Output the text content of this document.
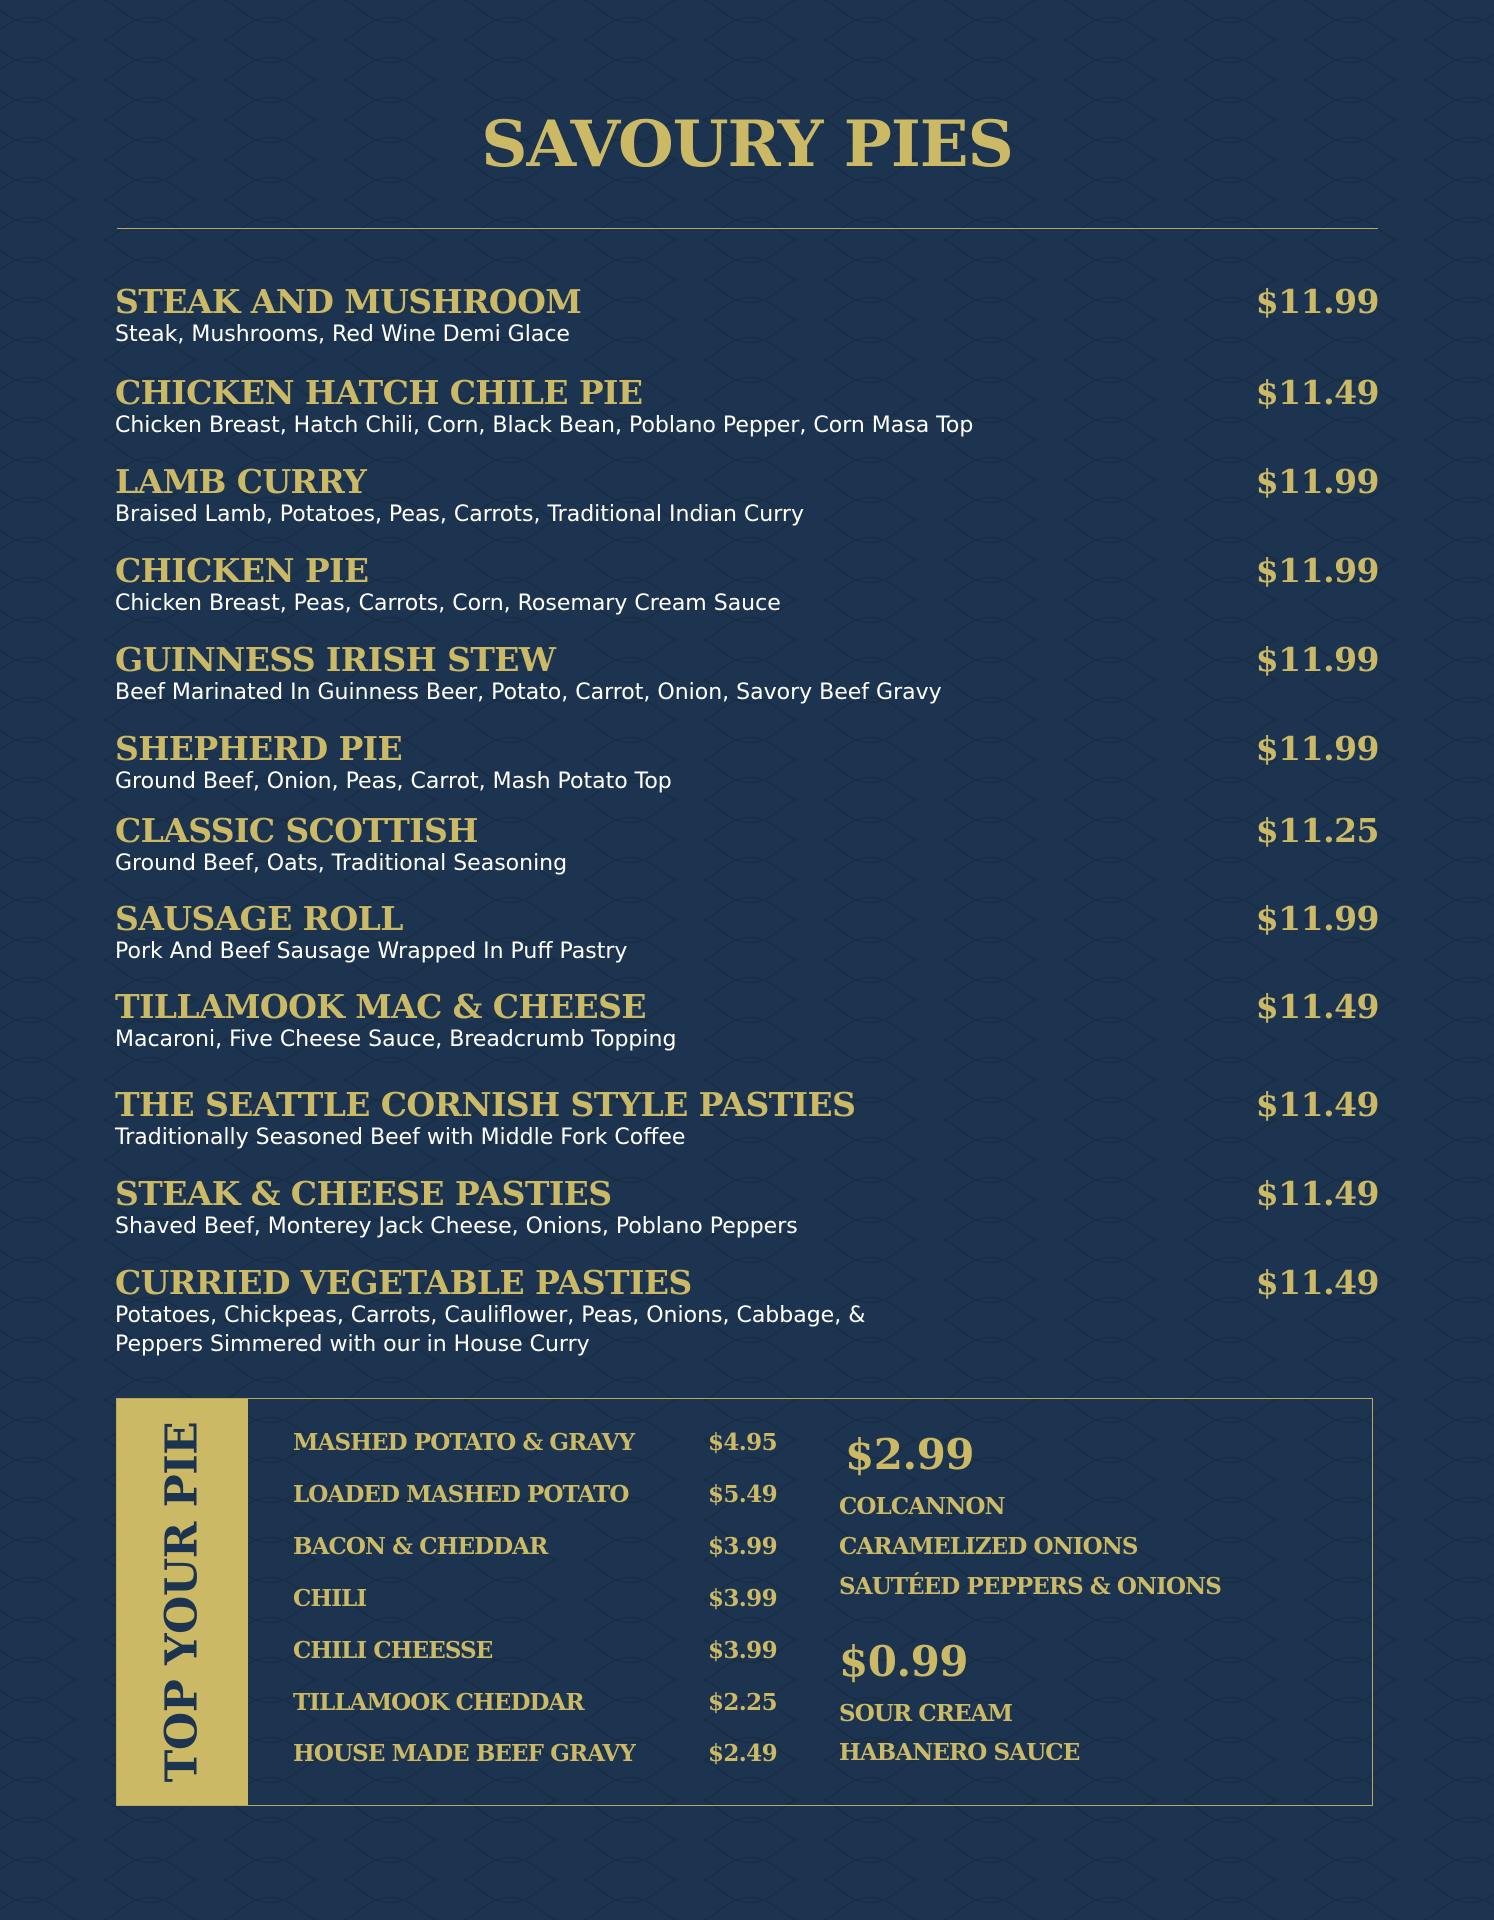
SAVOURY PIES
STEAK AND MUSHROOM	$11.99
Steak, Mushrooms, Red Wine Demi Glace
CHICKEN HATCH CHILE PIE	$11.49
Chicken Breast, Hatch Chili, Corn, Black Bean, Poblano Pepper, Corn Masa Top
LAMB CURRY	$11.99
Braised Lamb, Potatoes, Peas, Carrots, Traditional Indian Curry
CHICKEN PIE	$11.99
Chicken Breast, Peas, Carrots, Corn, Rosemary Cream Sauce
GUINNESS IRISH STEW	$11.99
Beef Marinated In Guinness Beer, Potato, Carrot, Onion, Savory Beef Gravy
SHEPHERD PIE	$11.99
Ground Beef, Onion, Peas, Carrot, Mash Potato Top
CLASSIC SCOTTISH	$11.25
Ground Beef, Oats, Traditional Seasoning
SAUSAGE ROLL	$11.99
Pork And Beef Sausage Wrapped In Puff Pastry
TILLAMOOK MAC & CHEESE	$11.49
Macaroni, Five Cheese Sauce, Breadcrumb Topping
THE SEATTLE CORNISH STYLE PASTIES	$11.49
Traditionally Seasoned Beef with Middle Fork Coffee
STEAK & CHEESE PASTIES	$11.49
Shaved Beef, Monterey Jack Cheese, Onions, Poblano Peppers
CURRIED VEGETABLE PASTIES	$11.49
Potatoes, Chickpeas, Carrots, Cauliflower, Peas, Onions, Cabbage, & Peppers Simmered with our in House Curry
TOP YOUR PIE	MASHED POTATO & GRAVY	$4.95
LOADED MASHED POTATO	$5.49
BACON & CHEDDAR	$3.99
CHILI	$3.99
CHILI CHEESSE	$3.99
TILLAMOOK CHEDDAR	$2.25
HOUSE MADE BEEF GRAVY	$2.49
$2.99
COLCANNON
CARAMELIZED ONIONS
SAUTÉED PEPPERS & ONIONS
$0.99
SOUR CREAM
HABANERO SAUCE
